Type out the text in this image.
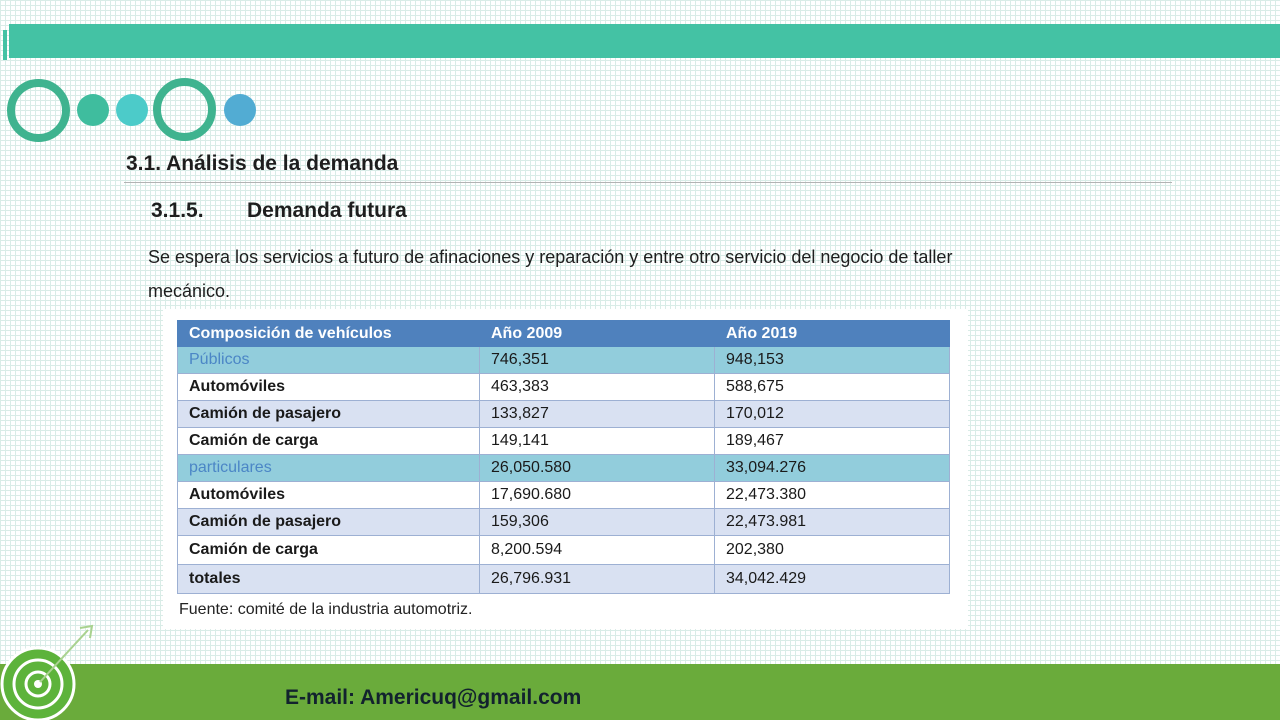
3.1. Análisis de la demanda
3.1.5. Demanda futura

Se espera los servicios a futuro de afinaciones y reparación y entre otro servicio del negocio de taller mecánico.

Composición de vehículos	Año 2009	Año 2019
Públicos	746,351	948,153
Automóviles	463,383	588,675
Camión de pasajero	133,827	170,012
Camión de carga	149,141	189,467
particulares	26,050.580	33,094.276
Automóviles	17,690.680	22,473.380
Camión de pasajero	159,306	22,473.981
Camión de carga	8,200.594	202,380
totales	26,796.931	34,042.429
Fuente: comité de la industria automotriz.
E-mail: Americuq@gmail.com
